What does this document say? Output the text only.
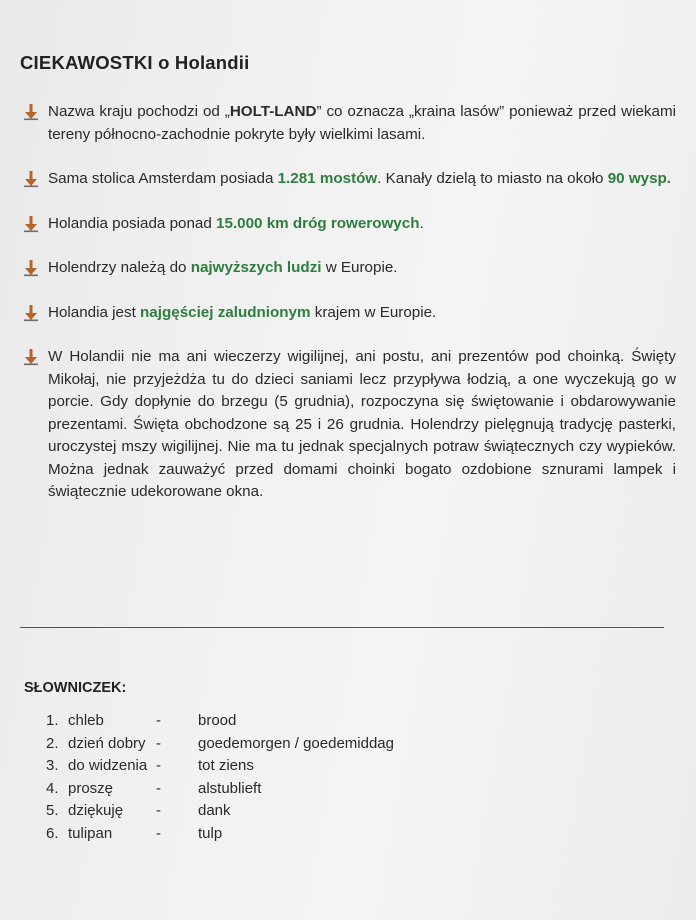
CIEKAWOSTKI o Holandii
Nazwa kraju pochodzi od „HOLT-LAND” co oznacza „kraina lasów” ponieważ przed wiekami tereny północno-zachodnie pokryte były wielkimi lasami.
Sama stolica Amsterdam posiada 1.281 mostów. Kanały dzielą to miasto na około 90 wysp.
Holandia posiada ponad 15.000 km dróg rowerowych.
Holendrzy należą do najwyższych ludzi w Europie.
Holandia jest najgęściej zaludnionym krajem w Europie.
W Holandii nie ma ani wieczerzy wigilijnej, ani postu, ani prezentów pod choinką. Święty Mikołaj, nie przyjeżdża tu do dzieci saniami lecz przypływa łodzią, a one wyczekują go w porcie. Gdy dopłynie do brzegu (5 grudnia), rozpoczyna się świętowanie i obdarowywanie prezentami. Święta obchodzone są 25 i 26 grudnia. Holendrzy pielęgnują tradycję pasterki, uroczystej mszy wigilijnej. Nie ma tu jednak specjalnych potraw świątecznych czy wypieków. Można jednak zauważyć przed domami choinki bogato ozdobione sznurami lampek i świątecznie udekorowane okna.
SŁOWNICZEK:
1. chleb	- brood
2. dzień dobry - goedemorgen / goedemiddag
3. do widzenia - tot ziens
4. proszę	- alstublieft
5. dziękuję - dank
6. tulipan	- tulp
